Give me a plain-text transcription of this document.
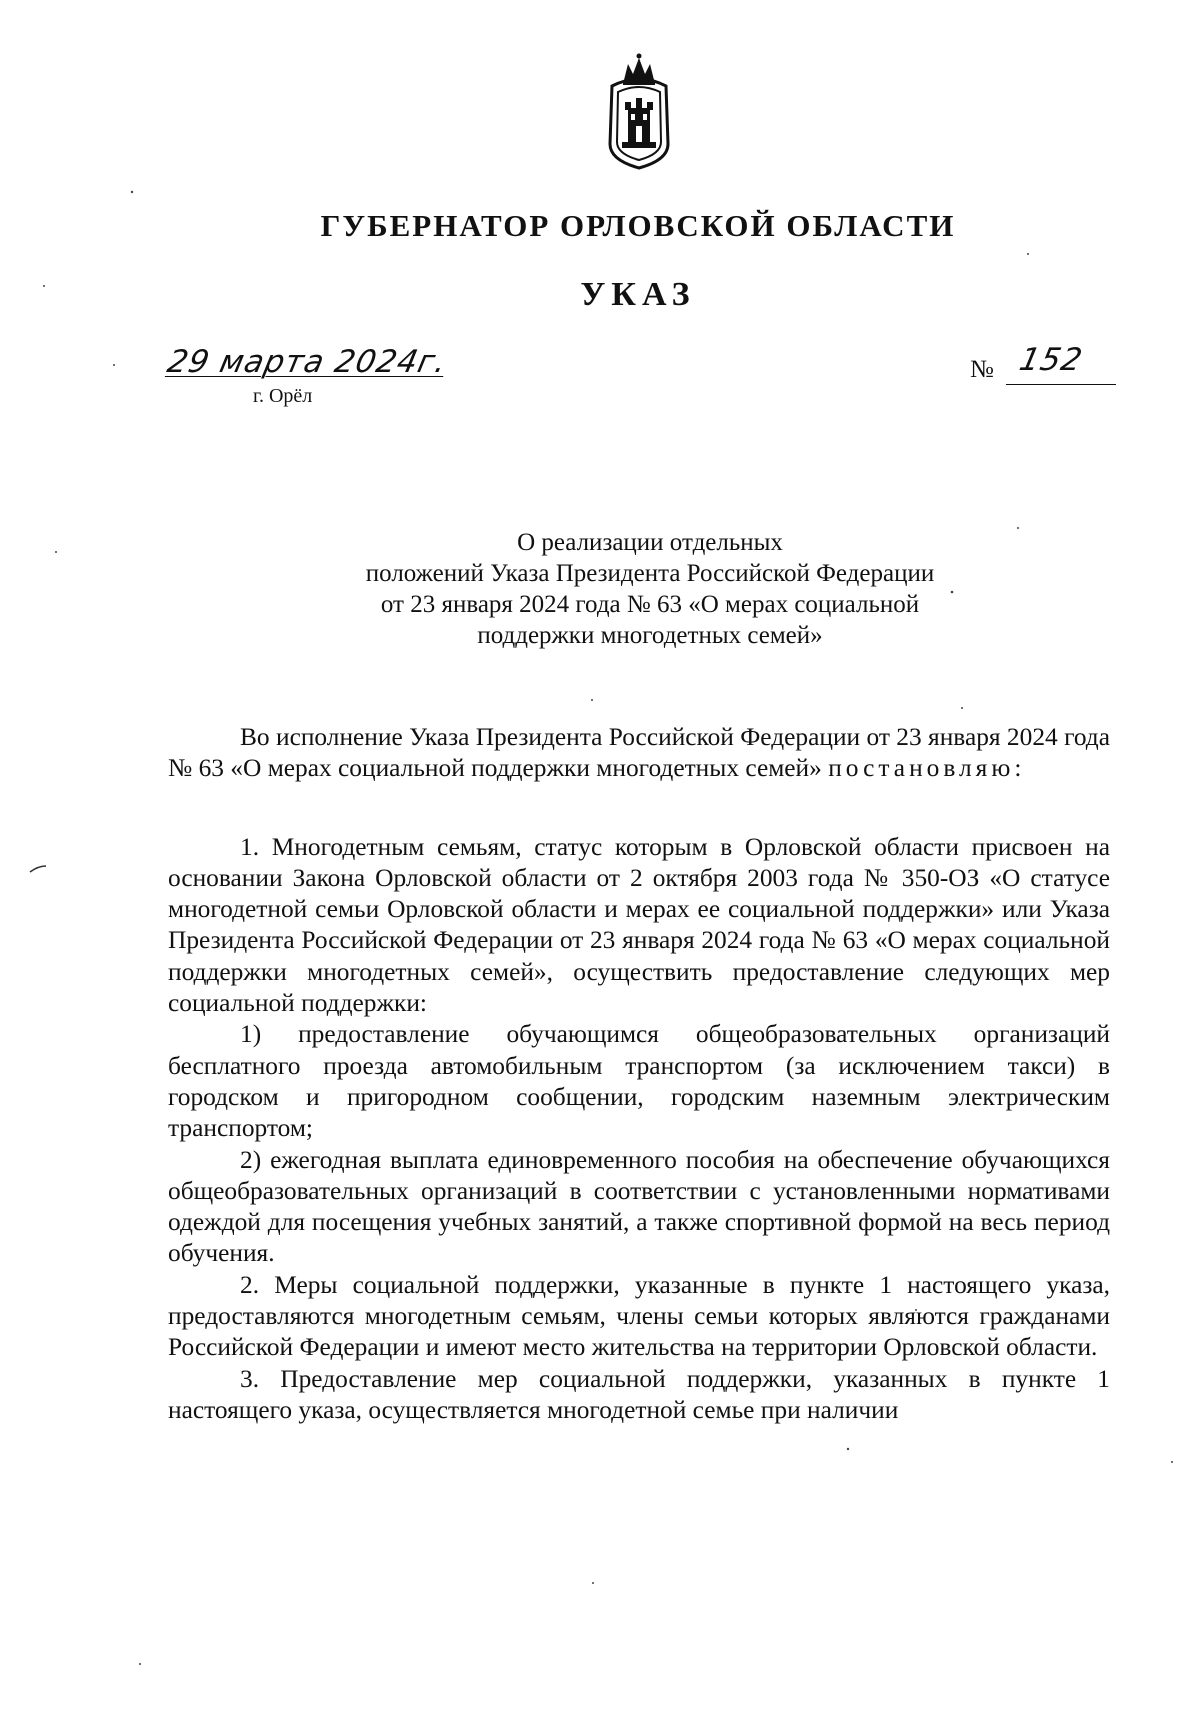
ГУБЕРНАТОР ОРЛОВСКОЙ ОБЛАСТИ
УКАЗ
29 марта 2024г.
г. Орёл
№ 152
О реализации отдельных
положений Указа Президента Российской Федерации
от 23 января 2024 года № 63 «О мерах социальной
поддержки многодетных семей»

Во исполнение Указа Президента Российской Федерации от 23 января 2024 года № 63 «О мерах социальной поддержки многодетных семей» постановляю:

1. Многодетным семьям, статус которым в Орловской области присвоен на основании Закона Орловской области от 2 октября 2003 года № 350-ОЗ «О статусе многодетной семьи Орловской области и мерах ее социальной поддержки» или Указа Президента Российской Федерации от 23 января 2024 года № 63 «О мерах социальной поддержки многодетных семей», осуществить предоставление следующих мер социальной поддержки:

1) предоставление обучающимся общеобразовательных организаций бесплатного проезда автомобильным транспортом (за исключением такси) в городском и пригородном сообщении, городским наземным электрическим транспортом;

2) ежегодная выплата единовременного пособия на обеспечение обучающихся общеобразовательных организаций в соответствии с установленными нормативами одеждой для посещения учебных занятий, а также спортивной формой на весь период обучения.

2. Меры социальной поддержки, указанные в пункте 1 настоящего указа, предоставляются многодетным семьям, члены семьи которых являются гражданами Российской Федерации и имеют место жительства на территории Орловской области.

3. Предоставление мер социальной поддержки, указанных в пункте 1 настоящего указа, осуществляется многодетной семье при наличии
